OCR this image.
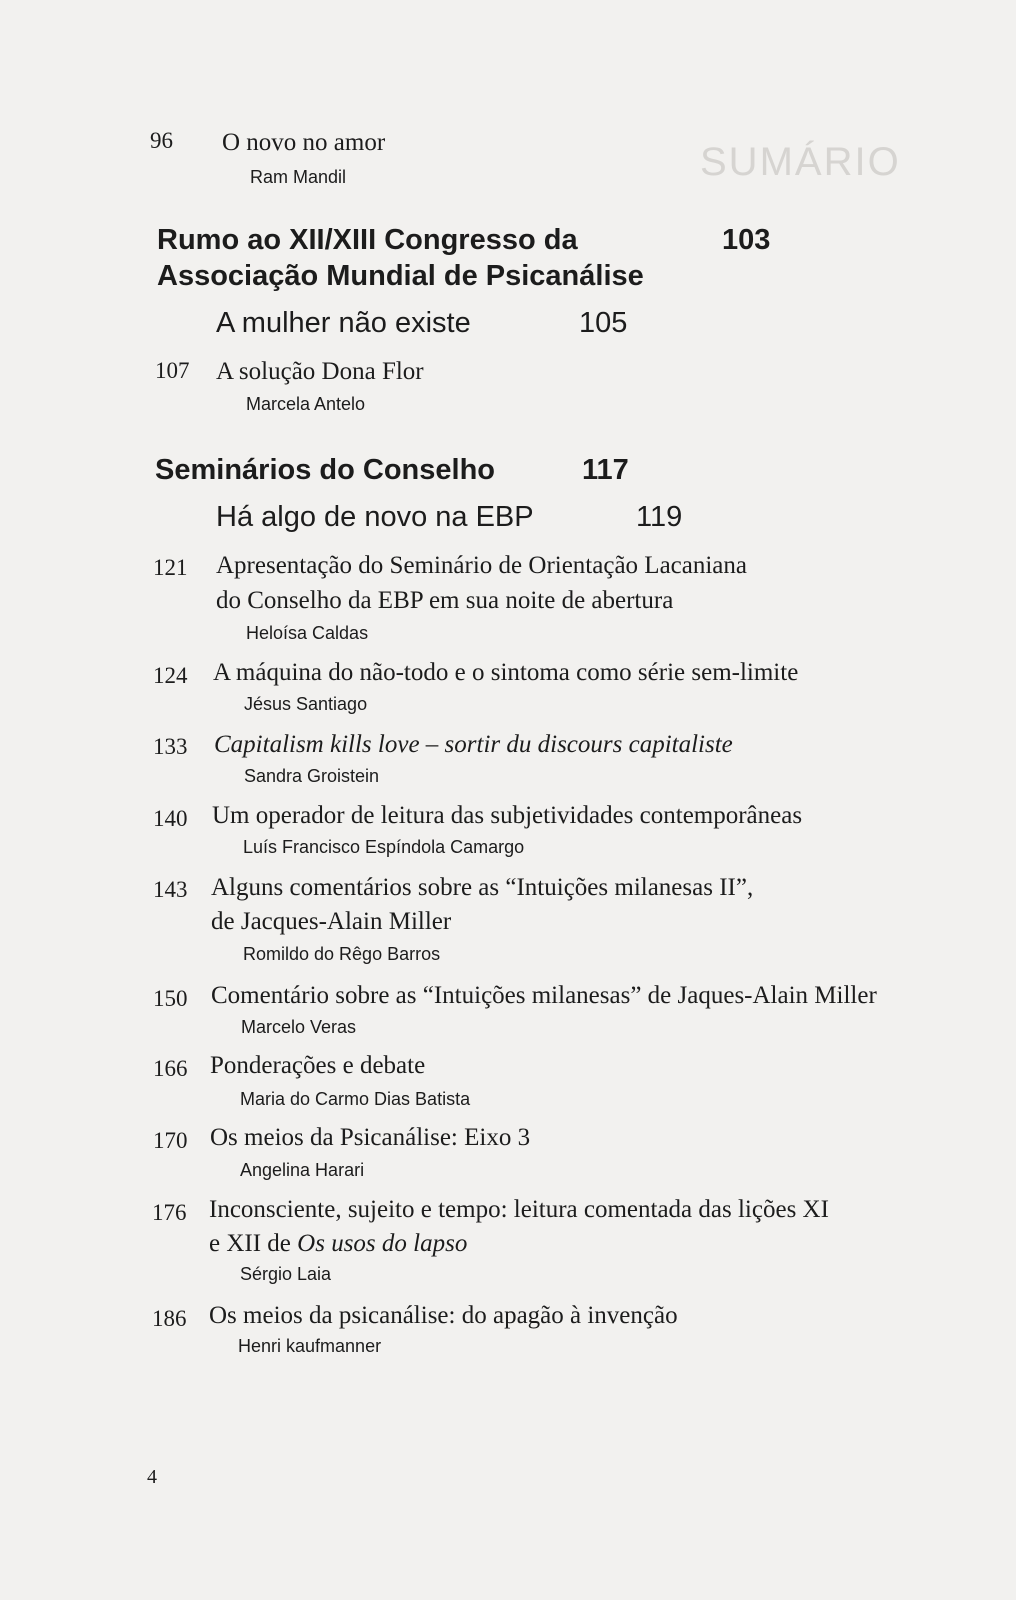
SUMÁRIO
96 O novo no amor
Ram Mandil
Rumo ao XII/XIII Congresso da	103
Associação Mundial de Psicanálise
A mulher não existe	105
107 A solução Dona Flor
Marcela Antelo
Seminários do Conselho	117
Há algo de novo na EBP	119
121 Apresentação do Seminário de Orientação Lacaniana
do Conselho da EBP em sua noite de abertura
Heloísa Caldas
124 A máquina do não-todo e o sintoma como série sem-limite
Jésus Santiago
133 Capitalism kills love – sortir du discours capitaliste
Sandra Groistein
140 Um operador de leitura das subjetividades contemporâneas
Luís Francisco Espíndola Camargo
143 Alguns comentários sobre as “Intuições milanesas II”,
de Jacques-Alain Miller
Romildo do Rêgo Barros
150 Comentário sobre as “Intuições milanesas” de Jaques-Alain Miller
Marcelo Veras
166 Ponderações e debate
Maria do Carmo Dias Batista
170 Os meios da Psicanálise: Eixo 3
Angelina Harari
176 Inconsciente, sujeito e tempo: leitura comentada das lições XI
e XII de Os usos do lapso
Sérgio Laia
186 Os meios da psicanálise: do apagão à invenção
Henri kaufmanner
4
